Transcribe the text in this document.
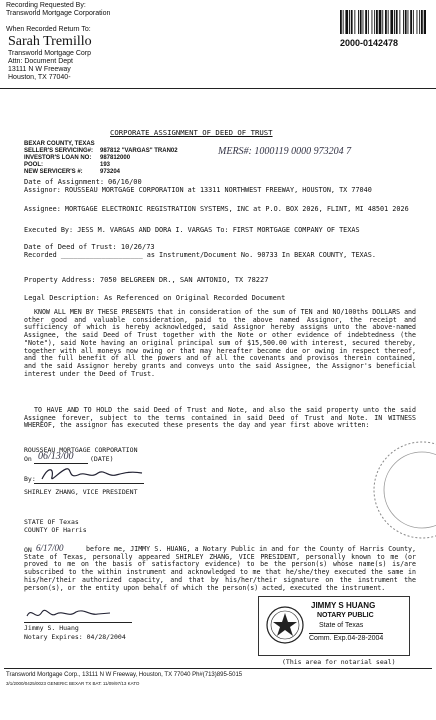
Recording Requested By:
Transworld Mortgage Corporation
When Recorded Return To:
Sarah Tremillo
Transworld Mortgage Corp
Attn: Document Dept
13111 N W Freeway
Houston, TX 77040-
2000-0142478
CORPORATE ASSIGNMENT OF DEED OF TRUST
BEXAR COUNTY, TEXAS
SELLER'S SERVICING#: 987812 "VARGAS" TRAN02
INVESTOR'S LOAN NO: 987812000
POOL:	193
NEW SERVICER'S #:	973204
MERS#: 1000119 0000 973204 7
Date of Assignment: 06/16/00
Assignor: ROUSSEAU MORTGAGE CORPORATION at 13311 NORTHWEST FREEWAY, HOUSTON, TX 77040
Assignee: MORTGAGE ELECTRONIC REGISTRATION SYSTEMS, INC at P.O. BOX 2026, FLINT, MI 48501 2026
Executed By: JESS M. VARGAS AND DORA I. VARGAS To: FIRST MORTGAGE COMPANY OF TEXAS
Date of Deed of Trust: 10/26/73
Recorded ____________________ as Instrument/Document No. 90733 In BEXAR COUNTY, TEXAS.
Property Address: 7050 BELGREEN DR., SAN ANTONIO, TX 78227
Legal Description: As Referenced on Original Recorded Document
KNOW ALL MEN BY THESE PRESENTS that in consideration of the sum of TEN and NO/100ths DOLLARS and other good and valuable consideration, paid to the above named Assignor, the receipt and sufficiency of which is hereby acknowledged, said Assignor hereby assigns unto the above-named Assignee, the said Deed of Trust together with the Note or other evidence of indebtedness (the "Note"), said Note having an original principal sum of $15,500.00 with interest, secured thereby, together with all moneys now owing or that may hereafter become due or owing in respect thereof, and the full benefit of all the powers and of all the covenants and provisos therein contained, and the said Assignor hereby grants and conveys unto the said Assignee, the Assignor's beneficial interest under the Deed of Trust.
TO HAVE AND TO HOLD the said Deed of Trust and Note, and also the said property unto the said Assignee forever, subject to the terms contained in said Deed of Trust and Note. IN WITNESS WHEREOF, the assignor has executed these presents the day and year first above written:
ROUSSEAU MORTGAGE CORPORATION
On 06/13/00	(DATE)
By:
SHIRLEY ZHANG, VICE PRESIDENT
STATE OF Texas
COUNTY OF Harris
ON 6/17/00	before me, JIMMY S. HUANG, a Notary Public in and for the County of Harris County, State of Texas, personally appeared SHIRLEY ZHANG, VICE PRESIDENT, personally known to me (or proved to me on the basis of satisfactory evidence) to be the person(s) whose name(s) is/are subscribed to the within instrument and acknowledged to me that he/she/they executed the same in his/her/their authorized capacity, and that by his/her/their signature on the instrument the person(s), or the entity upon behalf of which the person(s) acted, executed the instrument.
Jimmy S. Huang
Notary Expires: 04/28/2004
JIMMY S HUANG
NOTARY PUBLIC
State of Texas
Comm. Exp.04-28-2004
(This area for notarial seal)
Transworld Mortgage Corp., 13111 N W Freeway, Houston, TX 77040 Ph#(713)895-5015
3/1/2000/0425/0023 GENERIC BEXAR TX BAT: 11/09/97/13 KATO
